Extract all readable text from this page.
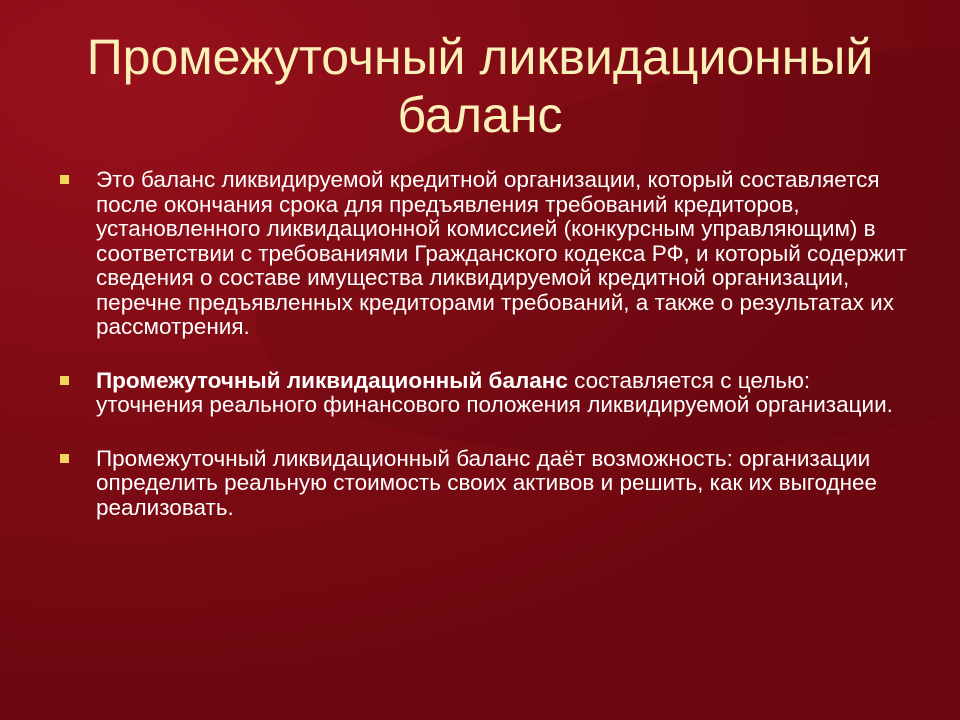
Промежуточный ликвидационный
баланс
Это баланс ликвидируемой кредитной организации, который составляется после окончания срока для предъявления требований кредиторов, установленного ликвидационной комиссией (конкурсным управляющим) в соответствии с требованиями Гражданского кодекса РФ, и который содержит сведения о составе имущества ликвидируемой кредитной организации, перечне предъявленных кредиторами требований, а также о результатах их рассмотрения.
Промежуточный ликвидационный баланс составляется с целью: уточнения реального финансового положения ликвидируемой организации.
Промежуточный ликвидационный баланс даёт возможность: организации определить реальную стоимость своих активов и решить, как их выгоднее реализовать.
